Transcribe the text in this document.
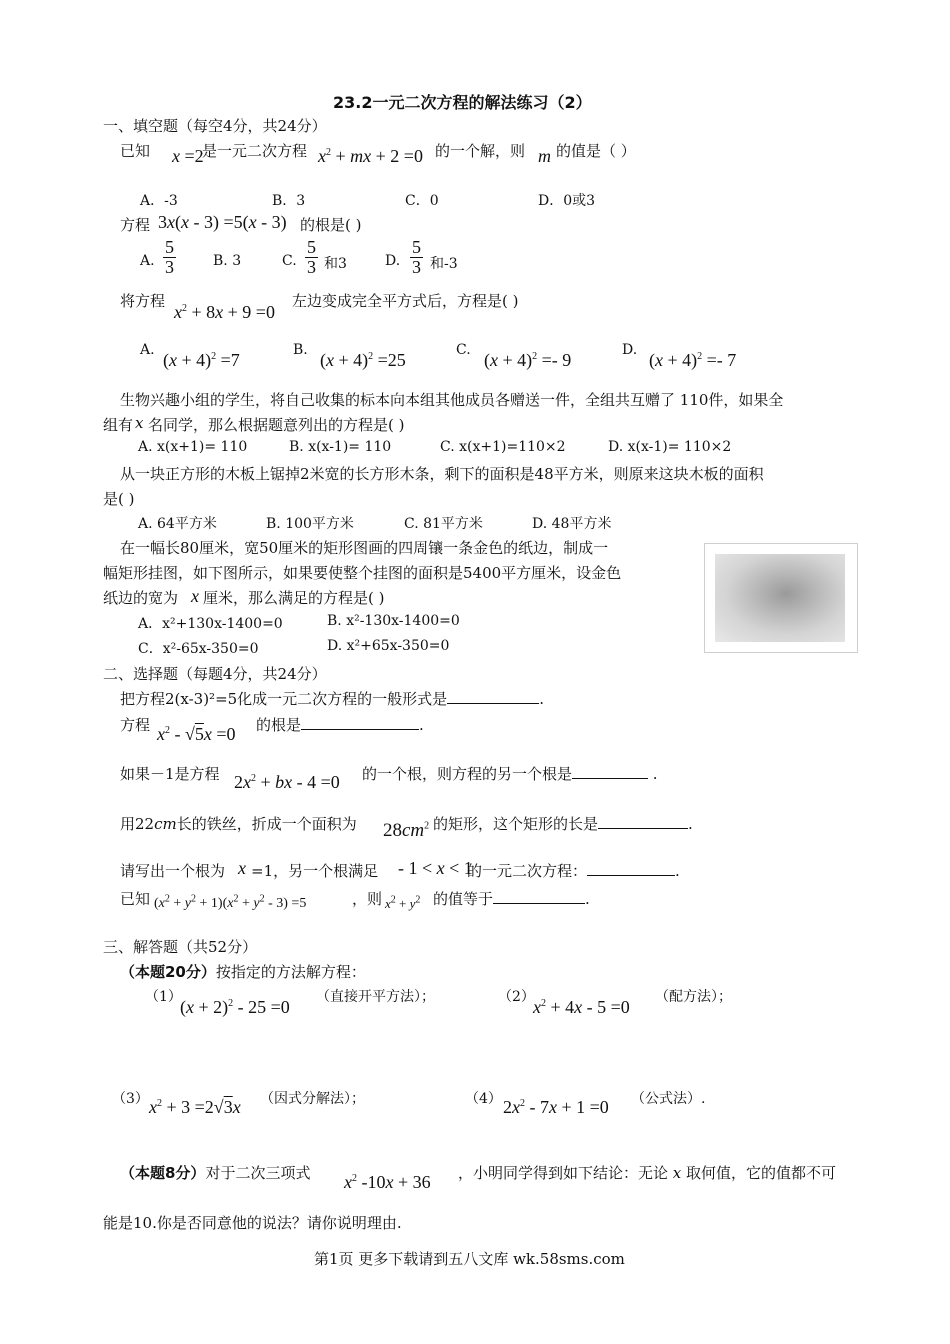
23.2一元二次方程的解法练习（2）
一、填空题（每空4分，共24分）
已知 x =2
是一元二次方程 $x^2$ + mx + 2 =0 的一个解，则 m 的值是（ ）
A．-3	B．3	C．0	D．0或3
方程 3x(x - 3) =5(x - 3) 的根是( )
A. $\frac{5}{3}$	B. 3	C. $\frac{5}{3}$ 和3	D. $\frac{5}{3}$ 和-3
将方程
$x^2 + 8x + 9 =0$
左边变成完全平方式后，方程是( )
A. $(x + 4)^2 =7$	B. $(x + 4)^2 =25$	C. $(x + 4)^2 =- 9$	D. $(x + 4)^2 =- 7$
生物兴趣小组的学生，将自己收集的标本向本组其他成员各赠送一件，全组共互赠了 110件，如果全
组有 x 名同学，那么根据题意列出的方程是( )
A. x(x+1)= 110	B. x(x-1)= 110	C. x(x+1)=110×2	D. x(x-1)= 110×2
从一块正方形的木板上锯掉2米宽的长方形木条，剩下的面积是48平方米，则原来这块木板的面积
是( )
A. 64平方米	B. 100平方米	C. 81平方米	D. 48平方米
在一幅长80厘米，宽50厘米的矩形图画的四周镶一条金色的纸边，制成一
幅矩形挂图，如下图所示，如果要使整个挂图的面积是5400平方厘米，设金色
纸边的宽为 x 厘米，那么满足的方程是( )
A．x²+130x-1400=0	B. x²-130x-1400=0
C．x²-65x-350=0	D. x²+65x-350=0
二、选择题（每题4分，共24分）
把方程2(x-3)²=5化成一元二次方程的一般形式是	.
方程 $x^2 - √5x =0$ 的根是	.
如果－1是方程 $2x^2$ + bx - 4 =0 的一个根，则方程的另一个根是	.
用22cm长的铁丝，折成一个面积为 $28cm^2$ 的矩形，这个矩形的长是	.
请写出一个根为 x =1，另一个根满足 - 1 < x < 1
的一元二次方程：	.
已知 $(x^2 + y^2 + 1)(x^2 + y^2 - 3) =5$	，则 $x^2 + y^2$ 的值等于	.
三、解答题（共52分）
（本题20分）按指定的方法解方程：
（1）
$(x + 2)^2 - 25 =0$ （直接开平方法）；	（2）
$x^2 + 4x - 5 =0$ （配方法）；
（3） $x^2 + 3 =2√3x$ （因式分解法）；	（4） $2x^2 - 7x + 1 =0$ （公式法）.
（本题8分）对于二次三项式 $x^2$ -10x + 36 ，小明同学得到如下结论：无论 x 取何值，它的值都不可
能是10.你是否同意他的说法？请你说明理由.
第1页 更多下载请到五八文库 wk.58sms.com
